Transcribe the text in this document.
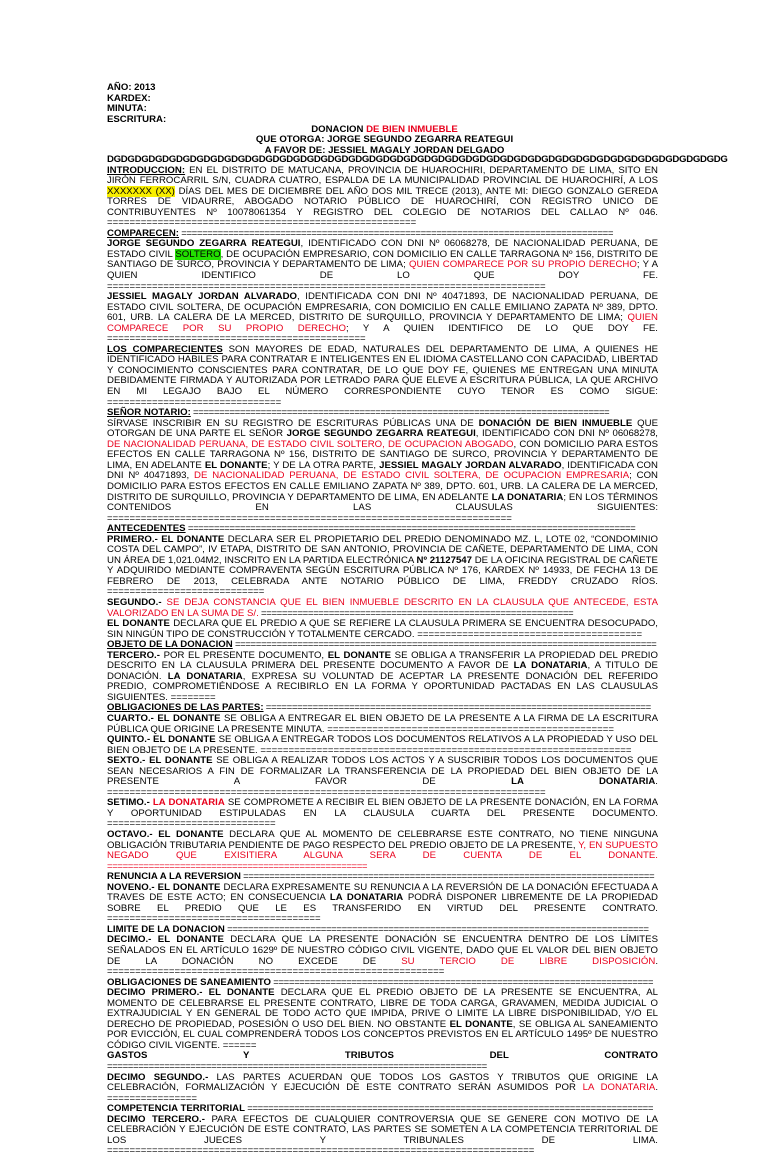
AÑO: 2013
KARDEX:
MINUTA:
ESCRITURA:
DONACION DE BIEN INMUEBLE
QUE OTORGA: JORGE SEGUNDO ZEGARRA REATEGUI
A FAVOR DE: JESSIEL MAGALY JORDAN DELGADO
DGDGDGDGDGDGDGDGDGDGDGDGDGDGDGDGDGDGDGDGDGDGDGDGDGDGDGDGDGDGDGDGDGDGDGDGDGDGDGDGDGDGDGDGDG

INTRODUCCION: EN EL DISTRITO DE MATUCANA, PROVINCIA DE HUAROCHIRI, DEPARTAMENTO DE LIMA, SITO EN JIRÓN FERROCARRIL S/N, CUADRA CUATRO, ESPALDA DE LA MUNICIPALIDAD PROVINCIAL DE HUAROCHIRÍ, A LOS XXXXXXX (XX) DÍAS DEL MES DE DICIEMBRE DEL AÑO DOS MIL TRECE (2013), ANTE MI: DIEGO GONZALO GEREDA TORRES DE VIDAURRE, ABOGADO NOTARIO PÚBLICO DE HUAROCHIRÍ, CON REGISTRO UNICO DE CONTRIBUYENTES Nº 10078061354 Y REGISTRO DEL COLEGIO DE NOTARIOS DEL CALLAO Nº 046. =======================================================

COMPARECEN: ===================================================================================

JORGE SEGUNDO ZEGARRA REATEGUI, IDENTIFICADO CON DNI Nº 06068278, DE NACIONALIDAD PERUANA, DE ESTADO CIVIL SOLTERO, DE OCUPACIÓN EMPRESARIO, CON DOMICILIO EN CALLE TARRAGONA Nº 156, DISTRITO DE SANTIAGO DE SURCO, PROVINCIA Y DEPARTAMENTO DE LIMA; QUIEN COMPARECE POR SU PROPIO DERECHO; Y A QUIEN IDENTIFICO DE LO QUE DOY FE. ==============================================================================

JESSIEL MAGALY JORDAN ALVARADO, IDENTIFICADA CON DNI Nº 40471893, DE NACIONALIDAD PERUANA, DE ESTADO CIVIL SOLTERA, DE OCUPACIÓN EMPRESARIA, CON DOMICILIO EN CALLE EMILIANO ZAPATA Nº 389, DPTO. 601, URB. LA CALERA DE LA MERCED, DISTRITO DE SURQUILLO, PROVINCIA Y DEPARTAMENTO DE LIMA; QUIEN COMPARECE POR SU PROPIO DERECHO; Y A QUIEN IDENTIFICO DE LO QUE DOY FE. ==============================================

LOS COMPARECIENTES SON MAYORES DE EDAD, NATURALES DEL DEPARTAMENTO DE LIMA, A QUIENES HE IDENTIFICADO HABILES PARA CONTRATAR E INTELIGENTES EN EL IDIOMA CASTELLANO CON CAPACIDAD, LIBERTAD Y CONOCIMIENTO CONSCIENTES PARA CONTRATAR, DE LO QUE DOY FE, QUIENES ME ENTREGAN UNA MINUTA DEBIDAMENTE FIRMADA Y AUTORIZADA POR LETRADO PARA QUE ELEVE A ESCRITURA PÚBLICA, LA QUE ARCHIVO EN MI LEGAJO BAJO EL NÚMERO CORRESPONDIENTE CUYO TENOR ES COMO SIGUE: ===============================

SEÑOR NOTARIO: ================================================================================

SÍRVASE INSCRIBIR EN SU REGISTRO DE ESCRITURAS PÚBLICAS UNA DE DONACIÓN DE BIEN INMUEBLE QUE OTORGAN DE UNA PARTE EL SEÑOR JORGE SEGUNDO ZEGARRA REATEGUI, IDENTIFICADO CON DNI Nº 06068278, DE NACIONALIDAD PERUANA, DE ESTADO CIVIL SOLTERO, DE OCUPACION ABOGADO, CON DOMICILIO PARA ESTOS EFECTOS EN CALLE TARRAGONA Nº 156, DISTRITO DE SANTIAGO DE SURCO, PROVINCIA Y DEPARTAMENTO DE LIMA, EN ADELANTE EL DONANTE; Y DE LA OTRA PARTE, JESSIEL MAGALY JORDAN ALVARADO, IDENTIFICADA CON DNI Nº 40471893, DE NACIONALIDAD PERUANA, DE ESTADO CIVIL SOLTERA, DE OCUPACION EMPRESARIA; CON DOMICILIO PARA ESTOS EFECTOS EN CALLE EMILIANO ZAPATA Nº 389, DPTO. 601, URB. LA CALERA DE LA MERCED, DISTRITO DE SURQUILLO, PROVINCIA Y DEPARTAMENTO DE LIMA, EN ADELANTE LA DONATARIA; EN LOS TÉRMINOS CONTENIDOS EN LAS CLAUSULAS SIGUIENTES: ========================================================================

ANTECEDENTES ======================================================================================

PRIMERO.- EL DONANTE DECLARA SER EL PROPIETARIO DEL PREDIO DENOMINADO MZ. L, LOTE 02, “CONDOMINIO COSTA DEL CAMPO”, IV ETAPA, DISTRITO DE SAN ANTONIO, PROVINCIA DE CAÑETE, DEPARTAMENTO DE LIMA, CON UN ÁREA DE 1,021.04M2, INSCRITO EN LA PARTIDA ELECTRÓNICA Nº 21127547 DE LA OFICINA REGISTRAL DE CAÑETE Y ADQUIRIDO MEDIANTE COMPRAVENTA SEGÚN ESCRITURA PÚBLICA Nº 176, KARDEX Nº 14933, DE FECHA 13 DE FEBRERO DE 2013, CELEBRADA ANTE NOTARIO PÚBLICO DE LIMA, FREDDY CRUZADO RÍOS. ============================

SEGUNDO.- SE DEJA CONSTANCIA QUE EL BIEN INMUEBLE DESCRITO EN LA CLAUSULA QUE ANTECEDE, ESTA VALORIZADO EN LA SUMA DE S/. ============================================================

EL DONANTE DECLARA QUE EL PREDIO A QUE SE REFIERE LA CLAUSULA PRIMERA SE ENCUENTRA DESOCUPADO, SIN NINGÚN TIPO DE CONSTRUCCIÓN Y TOTALMENTE CERCADO. ========================================

OBJETO DE LA DONACION =================================================================================

TERCERO.- POR EL PRESENTE DOCUMENTO, EL DONANTE SE OBLIGA A TRANSFERIR LA PROPIEDAD DEL PREDIO DESCRITO EN LA CLAUSULA PRIMERA DEL PRESENTE DOCUMENTO A FAVOR DE LA DONATARIA, A TITULO DE DONACIÓN. LA DONATARIA, EXPRESA SU VOLUNTAD DE ACEPTAR LA PRESENTE DONACIÓN DEL REFERIDO PREDIO, COMPROMETIÉNDOSE A RECIBIRLO EN LA FORMA Y OPORTUNIDAD PACTADAS EN LAS CLAUSULAS SIGUIENTES. ========

OBLIGACIONES DE LAS PARTES: ==========================================================================

CUARTO.- EL DONANTE SE OBLIGA A ENTREGAR EL BIEN OBJETO DE LA PRESENTE A LA FIRMA DE LA ESCRITURA PÚBLICA QUE ORIGINE LA PRESENTE MINUTA. ===================================================

QUINTO.- EL DONANTE SE OBLIGA A ENTREGAR TODOS LOS DOCUMENTOS RELATIVOS A LA PROPIEDAD Y USO DEL BIEN OBJETO DE LA PRESENTE. ==================================================================

SEXTO.- EL DONANTE SE OBLIGA A REALIZAR TODOS LOS ACTOS Y A SUSCRIBIR TODOS LOS DOCUMENTOS QUE SEAN NECESARIOS A FIN DE FORMALIZAR LA TRANSFERENCIA DE LA PROPIEDAD DEL BIEN OBJETO DE LA PRESENTE A FAVOR DE LA DONATARIA. ==============================================================================

SETIMO.- LA DONATARIA SE COMPROMETE A RECIBIR EL BIEN OBJETO DE LA PRESENTE DONACIÓN, EN LA FORMA Y OPORTUNIDAD ESTIPULADAS EN LA CLAUSULA CUARTA DEL PRESENTE DOCUMENTO. ==============================

OCTAVO.- EL DONANTE DECLARA QUE AL MOMENTO DE CELEBRARSE ESTE CONTRATO, NO TIENE NINGUNA OBLIGACIÓN TRIBUTARIA PENDIENTE DE PAGO RESPECTO DEL PREDIO OBJETO DE LA PRESENTE, Y, EN SUPUESTO NEGADO QUE EXISITIERA ALGUNA SERA DE CUENTA DE EL DONANTE. ==================================================

RENUNCIA A LA REVERSION ===============================================================================

NOVENO.- EL DONANTE DECLARA EXPRESAMENTE SU RENUNCIA A LA REVERSIÓN DE LA DONACIÓN EFECTUADA A TRAVES DE ESTE ACTO; EN CONSECUENCIA LA DONATARIA PODRÁ DISPONER LIBREMENTE DE LA PROPIEDAD SOBRE EL PREDIO QUE LE ES TRANSFERIDO EN VIRTUD DEL PRESENTE CONTRATO. ======================================

LIMITE DE LA DONACION =================================================================================

DECIMO.- EL DONANTE DECLARA QUE LA PRESENTE DONACIÓN SE ENCUENTRA DENTRO DE LOS LÍMITES SEÑALADOS EN EL ARTÍCULO 1629º DE NUESTRO CÓDIGO CIVIL VIGENTE, DADO QUE EL VALOR DEL BIEN OBJETO DE LA DONACIÓN NO EXCEDE DE SU TERCIO DE LIBRE DISPOSICIÓN. ============================================================

OBLIGACIONES DE SANEAMIENTO =========================================================================

DECIMO PRIMERO.- EL DONANTE DECLARA QUE EL PREDIO OBJETO DE LA PRESENTE SE ENCUENTRA, AL MOMENTO DE CELEBRARSE EL PRESENTE CONTRATO, LIBRE DE TODA CARGA, GRAVAMEN, MEDIDA JUDICIAL O EXTRAJUDICIAL Y EN GENERAL DE TODO ACTO QUE IMPIDA, PRIVE O LIMITE LA LIBRE DISPONIBILIDAD, Y/O EL DERECHO DE PROPIEDAD, POSESIÓN O USO DEL BIEN. NO OBSTANTE EL DONANTE, SE OBLIGA AL SANEAMIENTO POR EVICCIÓN, EL CUAL COMPRENDERÁ TODOS LOS CONCEPTOS PREVISTOS EN EL ARTÍCULO 1495º DE NUESTRO CÓDIGO CIVIL VIGENTE. ======

GASTOS Y TRIBUTOS DEL CONTRATO =========================================================================

DECIMO SEGUNDO.- LAS PARTES ACUERDAN QUE TODOS LOS GASTOS Y TRIBUTOS QUE ORIGINE LA CELEBRACIÓN, FORMALIZACIÓN Y EJECUCIÓN DE ESTE CONTRATO SERÁN ASUMIDOS POR LA DONATARIA. ================

COMPETENCIA TERRITORIAL ==============================================================================

DECIMO TERCERO.- PARA EFECTOS DE CUALQUIER CONTROVERSIA QUE SE GENERE CON MOTIVO DE LA CELEBRACIÓN Y EJECUCIÓN DE ESTE CONTRATO, LAS PARTES SE SOMETEN A LA COMPETENCIA TERRITORIAL DE LOS JUECES Y TRIBUNALES DE LIMA. ============================================================================
